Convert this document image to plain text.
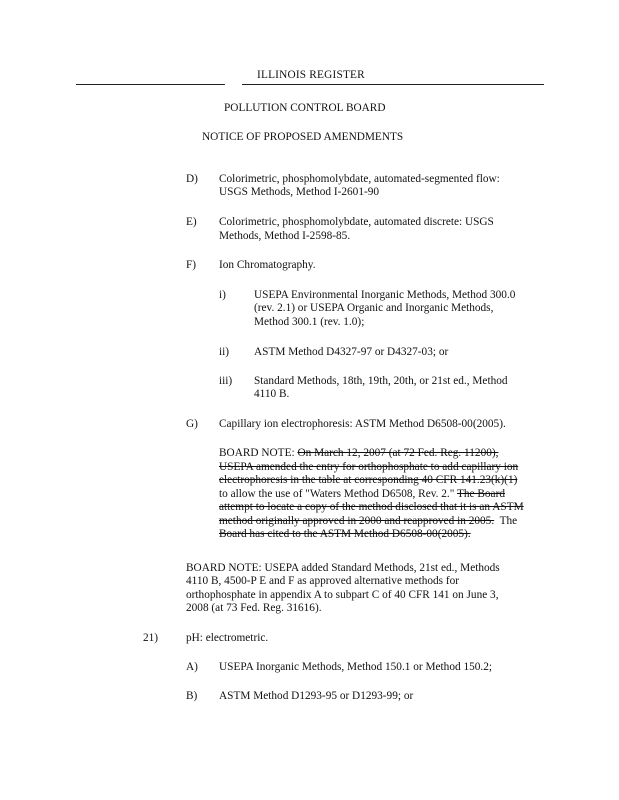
ILLINOIS REGISTER
POLLUTION CONTROL BOARD
NOTICE OF PROPOSED AMENDMENTS
D) Colorimetric, phosphomolybdate, automated-segmented flow:
USGS Methods, Method I-2601-90
E) Colorimetric, phosphomolybdate, automated discrete: USGS
Methods, Method I-2598-85.
F) Ion Chromatography.
i) USEPA Environmental Inorganic Methods, Method 300.0
(rev. 2.1) or USEPA Organic and Inorganic Methods,
Method 300.1 (rev. 1.0);
ii) ASTM Method D4327-97 or D4327-03; or
iii) Standard Methods, 18th, 19th, 20th, or 21st ed., Method
4110 B.
G) Capillary ion electrophoresis: ASTM Method D6508-00(2005).
BOARD NOTE: On March 12, 2007 (at 72 Fed. Reg. 11200),
USEPA amended the entry for orthophosphate to add capillary ion
electrophoresis in the table at corresponding 40 CFR 141.23(k)(1)
to allow the use of "Waters Method D6508, Rev. 2." The Board
attempt to locate a copy of the method disclosed that it is an ASTM
method originally approved in 2000 and reapproved in 2005.  The
Board has cited to the ASTM Method D6508-00(2005).
BOARD NOTE: USEPA added Standard Methods, 21st ed., Methods
4110 B, 4500-P E and F as approved alternative methods for
orthophosphate in appendix A to subpart C of 40 CFR 141 on June 3,
2008 (at 73 Fed. Reg. 31616).
21) pH: electrometric.
A) USEPA Inorganic Methods, Method 150.1 or Method 150.2;
B) ASTM Method D1293-95 or D1293-99; or
